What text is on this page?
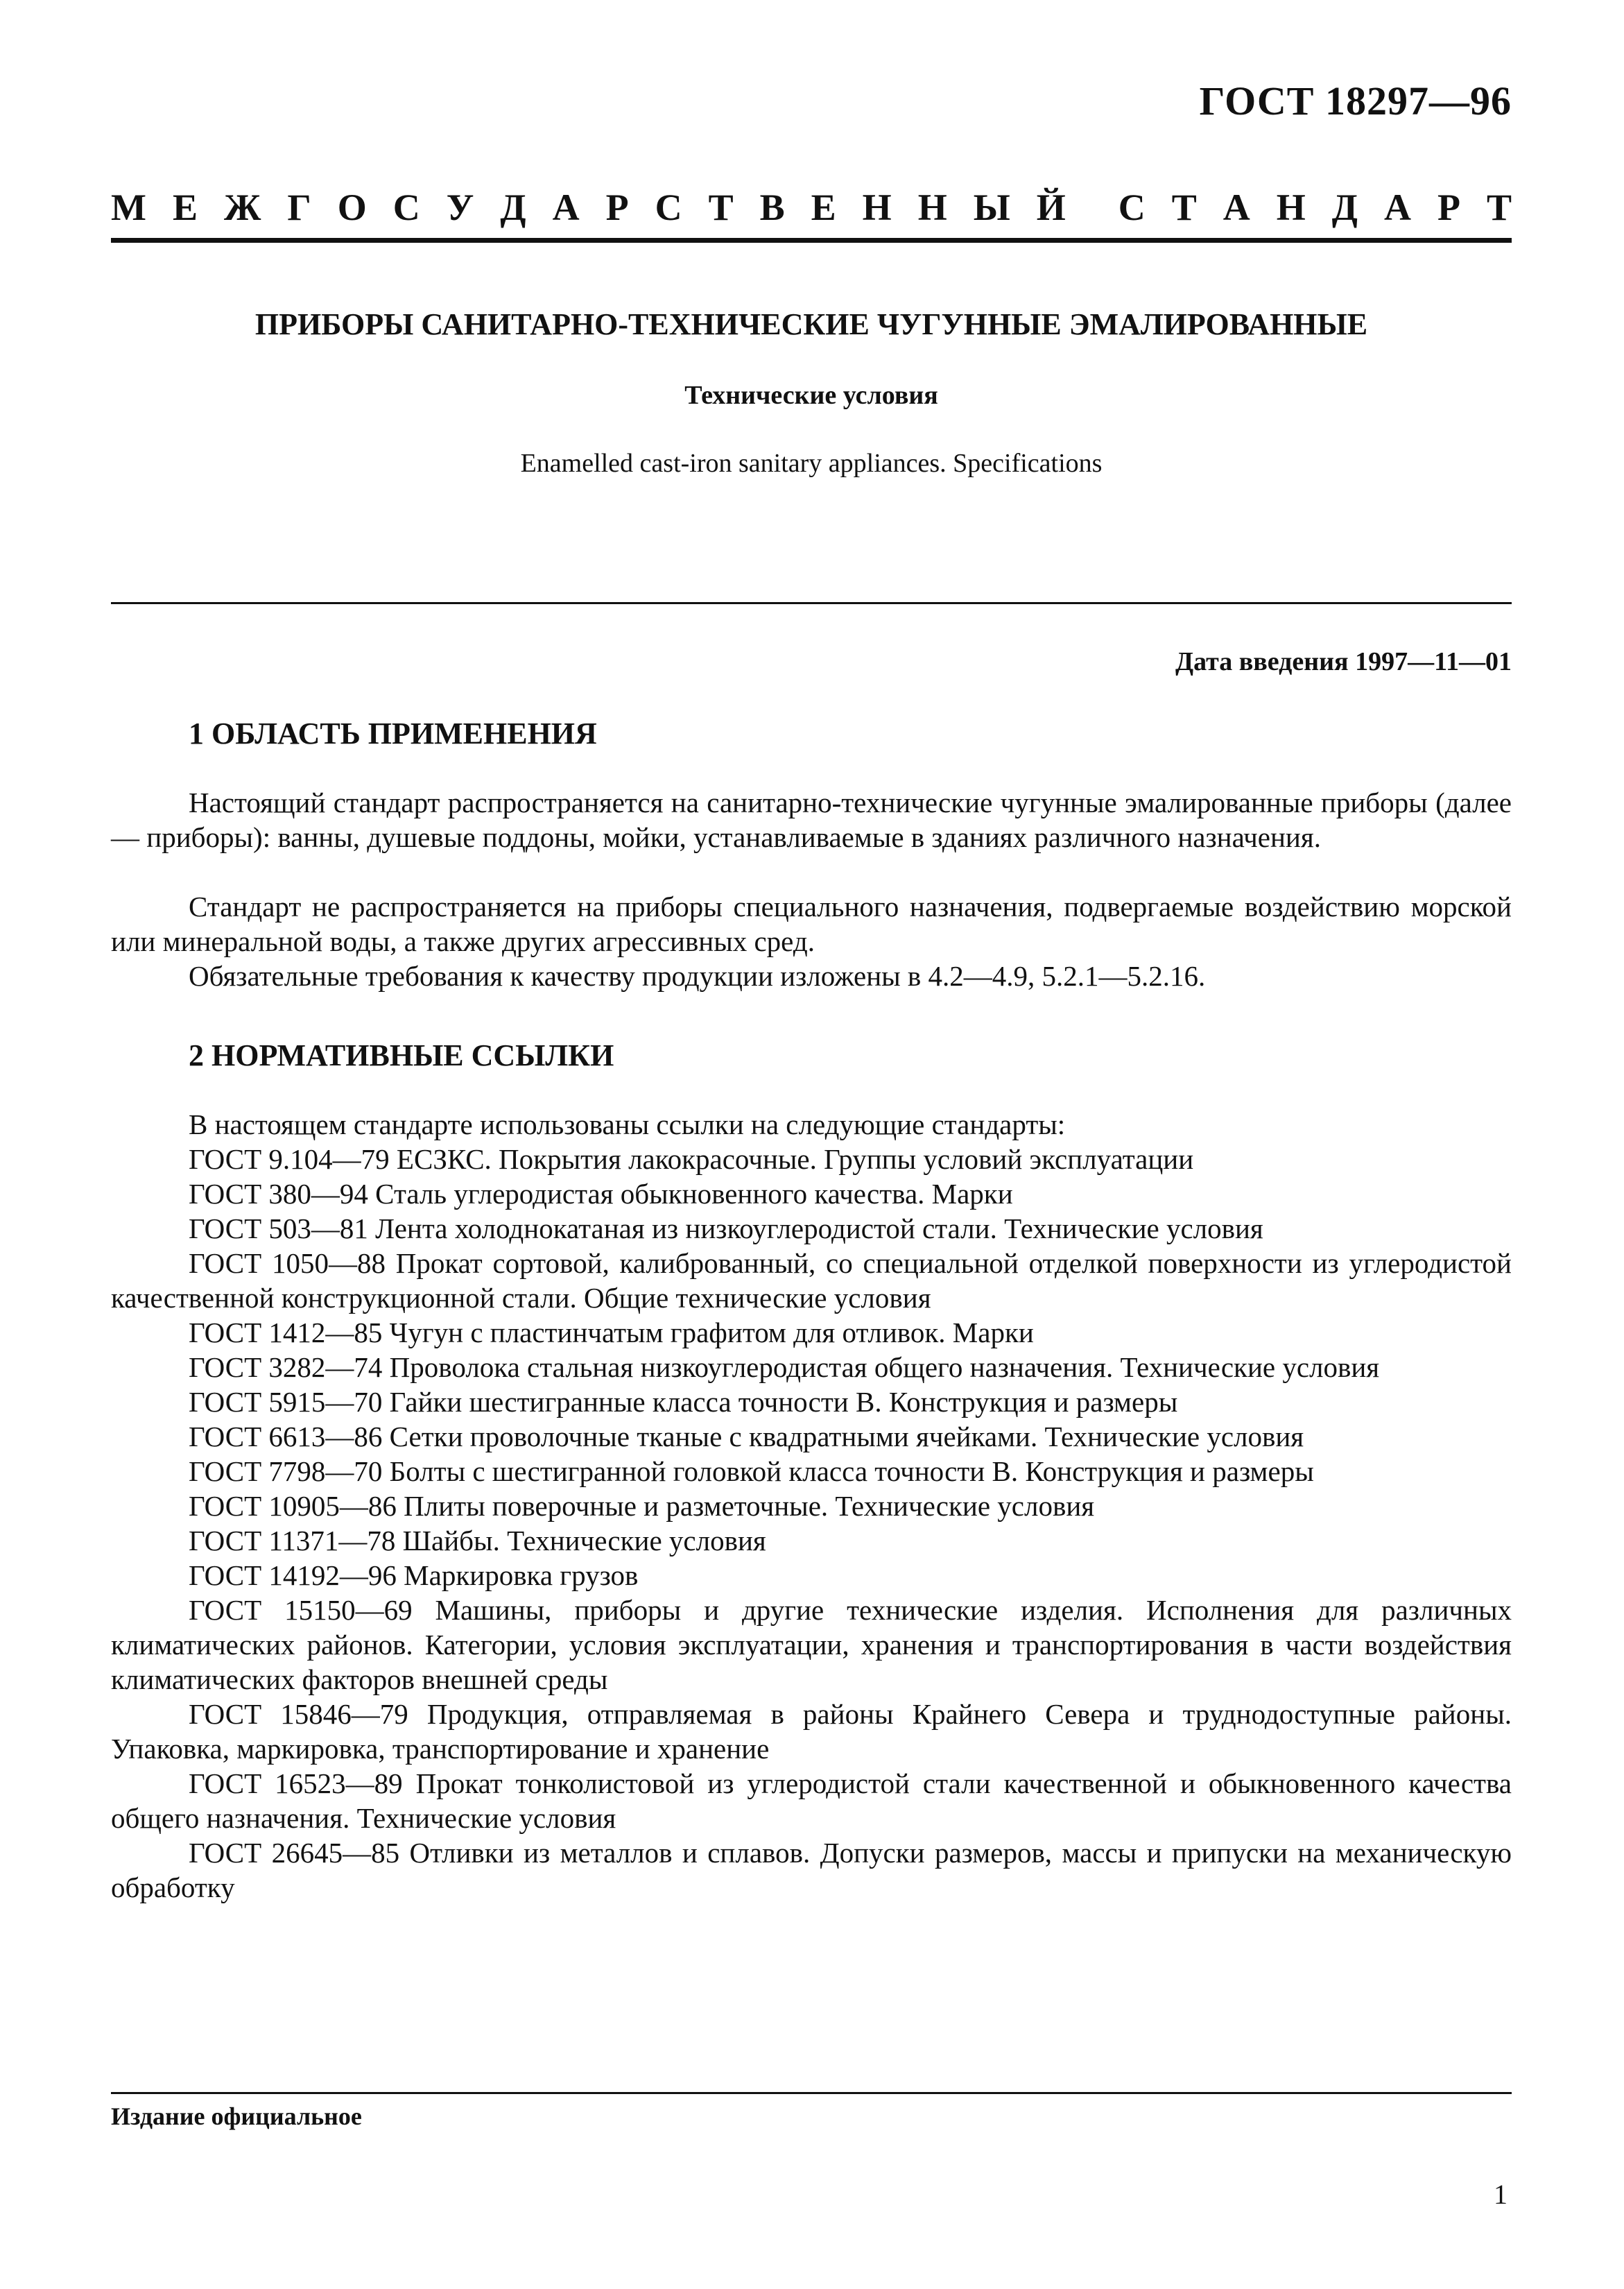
ГОСТ 18297—96
М Е Ж Г О С У Д А Р С Т В Е Н Н Ы Й С Т А Н Д А Р Т
ПРИБОРЫ САНИТАРНО-ТЕХНИЧЕСКИЕ ЧУГУННЫЕ ЭМАЛИРОВАННЫЕ
Технические условия
Enamelled cast-iron sanitary appliances. Specifications
Дата введения 1997—11—01
1 ОБЛАСТЬ ПРИМЕНЕНИЯ
Настоящий стандарт распространяется на санитарно-технические чугунные эмалированные приборы (далее — приборы): ванны, душевые поддоны, мойки, устанавливаемые в зданиях различного назначения.
Стандарт не распространяется на приборы специального назначения, подвергаемые воздействию морской или минеральной воды, а также других агрессивных сред.
Обязательные требования к качеству продукции изложены в 4.2—4.9, 5.2.1—5.2.16.
2 НОРМАТИВНЫЕ ССЫЛКИ
В настоящем стандарте использованы ссылки на следующие стандарты:
ГОСТ 9.104—79 ЕСЗКС. Покрытия лакокрасочные. Группы условий эксплуатации
ГОСТ 380—94 Сталь углеродистая обыкновенного качества. Марки
ГОСТ 503—81 Лента холоднокатаная из низкоуглеродистой стали. Технические условия
ГОСТ 1050—88 Прокат сортовой, калиброванный, со специальной отделкой поверхности из углеродистой качественной конструкционной стали. Общие технические условия
ГОСТ 1412—85 Чугун с пластинчатым графитом для отливок. Марки
ГОСТ 3282—74 Проволока стальная низкоуглеродистая общего назначения. Технические условия
ГОСТ 5915—70 Гайки шестигранные класса точности В. Конструкция и размеры
ГОСТ 6613—86 Сетки проволочные тканые с квадратными ячейками. Технические условия
ГОСТ 7798—70 Болты с шестигранной головкой класса точности В. Конструкция и размеры
ГОСТ 10905—86 Плиты поверочные и разметочные. Технические условия
ГОСТ 11371—78 Шайбы. Технические условия
ГОСТ 14192—96 Маркировка грузов
ГОСТ 15150—69 Машины, приборы и другие технические изделия. Исполнения для различных климатических районов. Категории, условия эксплуатации, хранения и транспортирования в части воздействия климатических факторов внешней среды
ГОСТ 15846—79 Продукция, отправляемая в районы Крайнего Севера и труднодоступные районы. Упаковка, маркировка, транспортирование и хранение
ГОСТ 16523—89 Прокат тонколистовой из углеродистой стали качественной и обыкновенного качества общего назначения. Технические условия
ГОСТ 26645—85 Отливки из металлов и сплавов. Допуски размеров, массы и припуски на механическую обработку
Издание официальное
1
